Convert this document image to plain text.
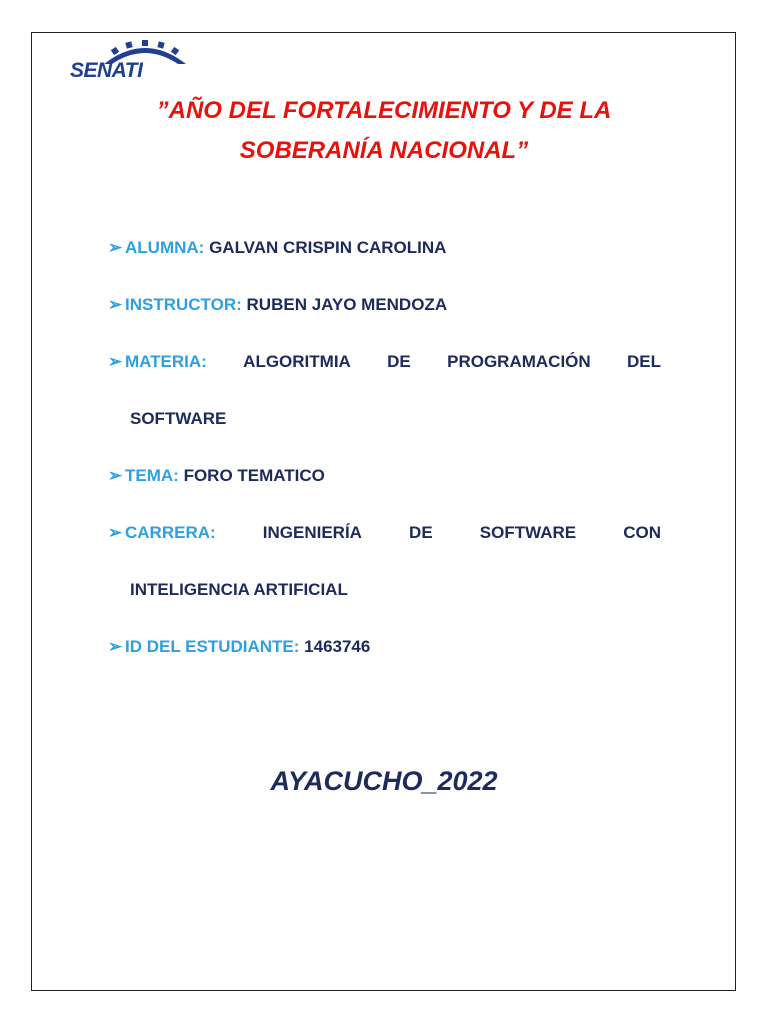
SENATI
”AÑO DEL FORTALECIMIENTO Y DE LA
SOBERANÍA NACIONAL”
➢ ALUMNA: GALVAN CRISPIN CAROLINA
➢ INSTRUCTOR: RUBEN JAYO MENDOZA
➢ MATERIA: ALGORITMIA DE PROGRAMACIÓN DEL
SOFTWARE
➢ TEMA: FORO TEMATICO
➢ CARRERA:	INGENIERÍA	DE	SOFTWARE	CON
INTELIGENCIA ARTIFICIAL
➢ ID DEL ESTUDIANTE: 1463746
AYACUCHO_2022
